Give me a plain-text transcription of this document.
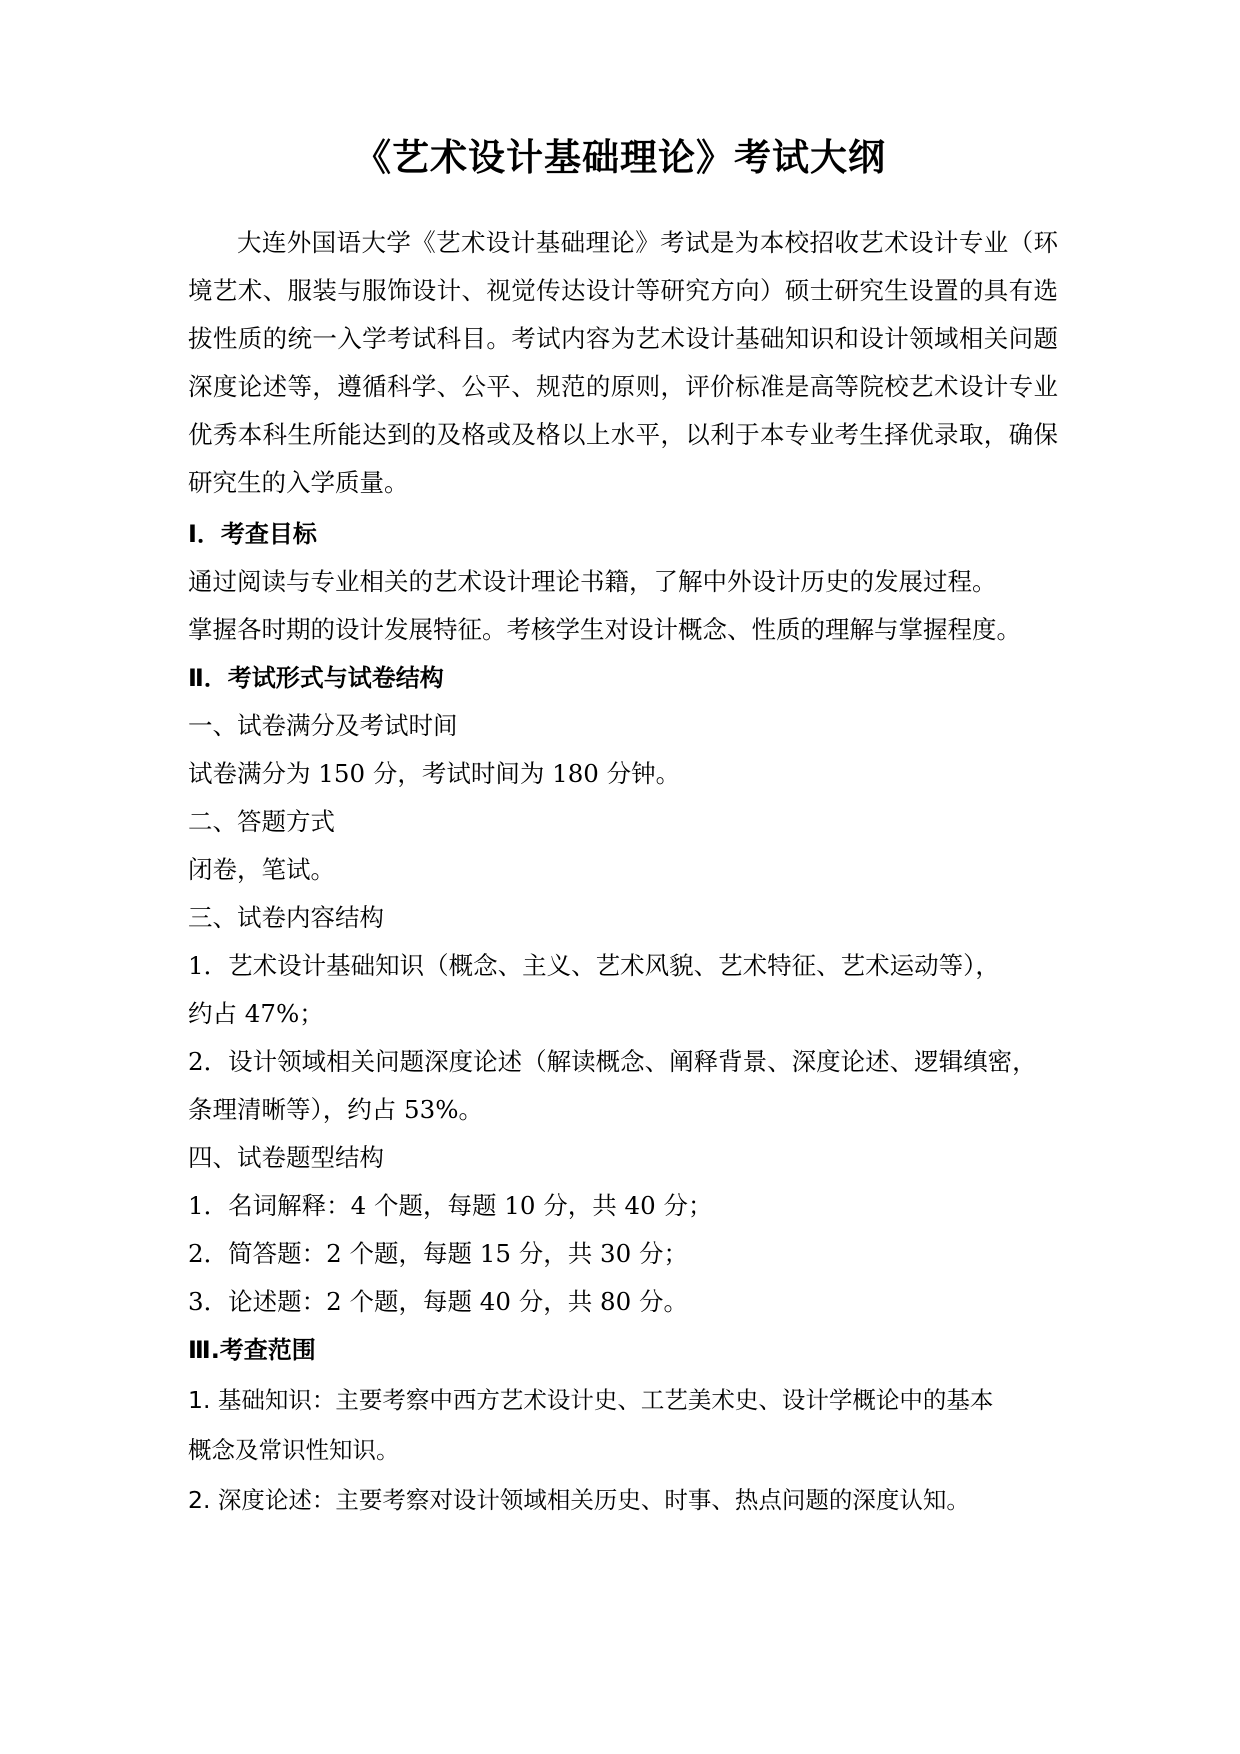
《艺术设计基础理论》考试大纲
大连外国语大学《艺术设计基础理论》考试是为本校招收艺术设计专业（环境艺术、服装与服饰设计、视觉传达设计等研究方向）硕士研究生设置的具有选拔性质的统一入学考试科目。考试内容为艺术设计基础知识和设计领域相关问题深度论述等，遵循科学、公平、规范的原则，评价标准是高等院校艺术设计专业优秀本科生所能达到的及格或及格以上水平，以利于本专业考生择优录取，确保研究生的入学质量。
Ⅰ．考查目标
通过阅读与专业相关的艺术设计理论书籍，了解中外设计历史的发展过程。
掌握各时期的设计发展特征。考核学生对设计概念、性质的理解与掌握程度。
Ⅱ．考试形式与试卷结构
一、试卷满分及考试时间
试卷满分为 150 分，考试时间为 180 分钟。
二、答题方式
闭卷，笔试。
三、试卷内容结构
1．艺术设计基础知识（概念、主义、艺术风貌、艺术特征、艺术运动等），
约占 47%；
2．设计领域相关问题深度论述（解读概念、阐释背景、深度论述、逻辑缜密，
条理清晰等），约占 53%。
四、试卷题型结构
1．名词解释：4 个题，每题 10 分，共 40 分；
2．简答题：2 个题，每题 15 分，共 30 分；
3．论述题：2 个题，每题 40 分，共 80 分。
Ⅲ.考查范围
1. 基础知识：主要考察中西方艺术设计史、工艺美术史、设计学概论中的基本
概念及常识性知识。
2. 深度论述：主要考察对设计领域相关历史、时事、热点问题的深度认知。
